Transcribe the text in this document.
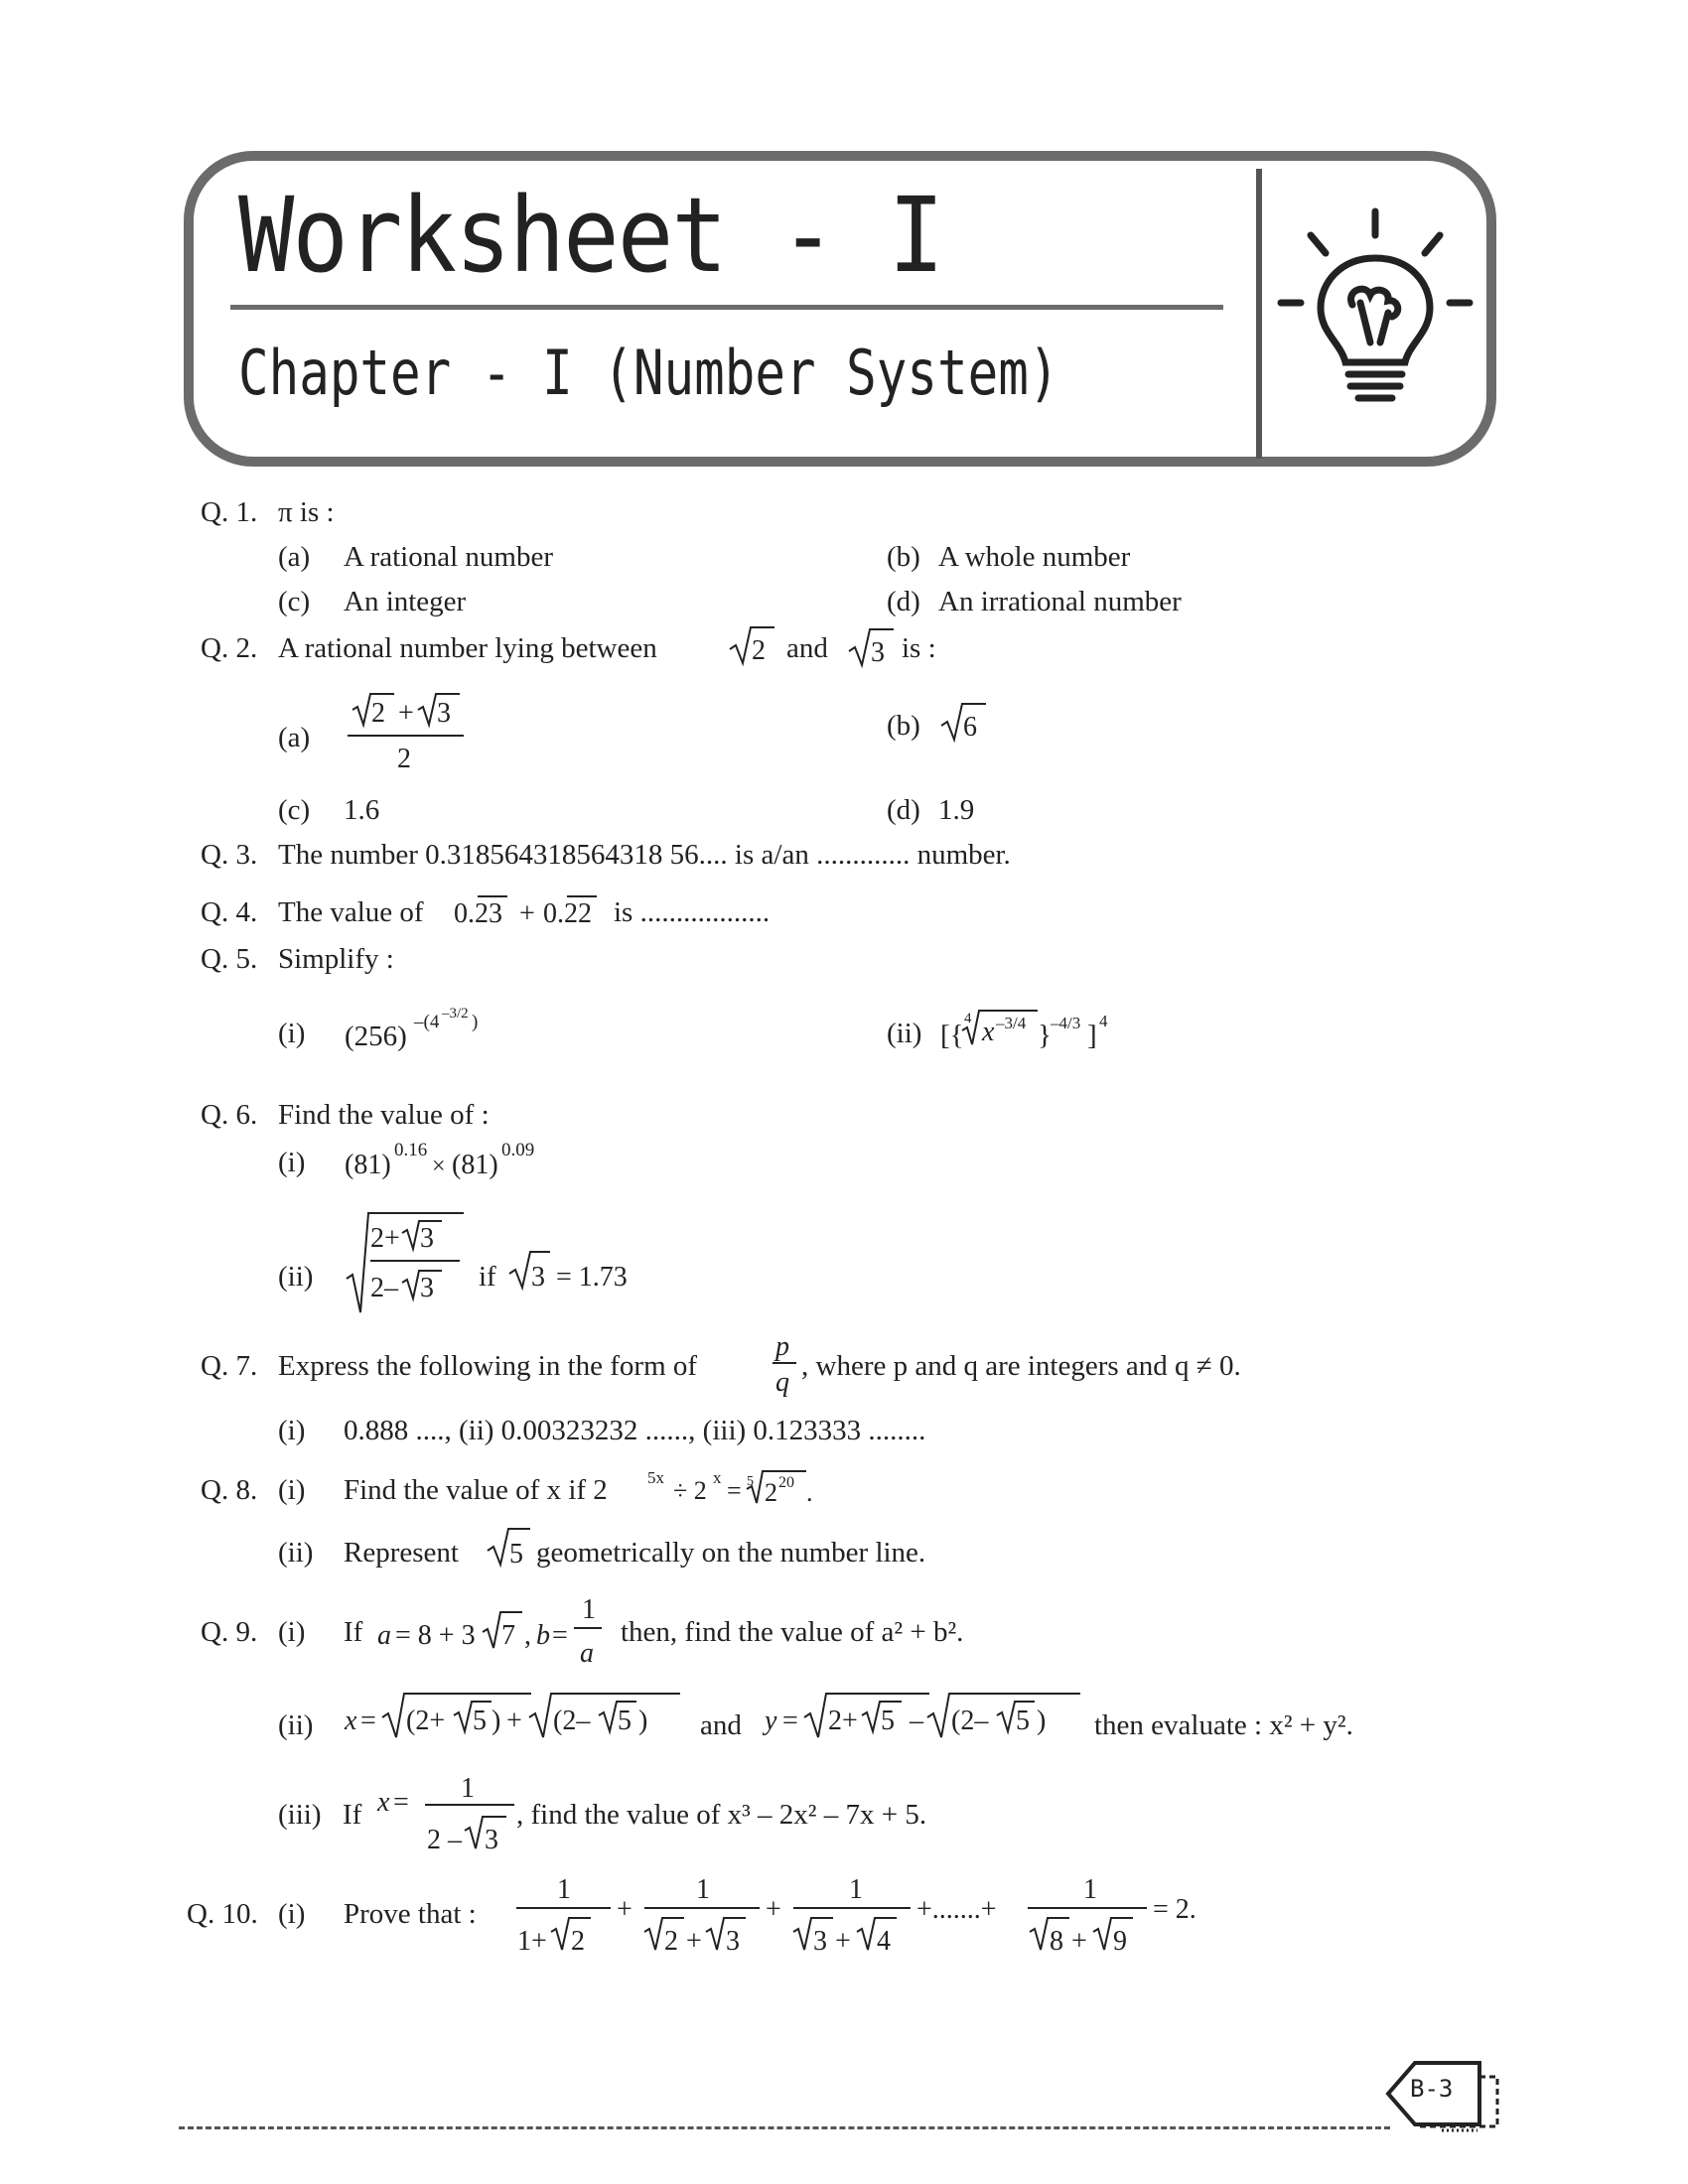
Worksheet - I
Chapter - I (Number System)
Q. 1. π is :
(a) A rational number	(b) A whole number
(c) An integer	(d) An irrational number
Q. 2. A rational number lying between	2 and 3 is :
(a)
2 + 3
2
(b) 6
(c) 1.6	(d) 1.9
Q. 3. The number 0.318564318564318 56.... is a/an ............. number.
Q. 4. The value of 0.23 + 0.22 is ..................
Q. 5. Simplify :
(i) (256) –(4 –3/2 )	(ii) [{
4 x –3/4 } –4/3 ] 4
Q. 6. Find the value of :
(i) (81) 0.16
× (81) 0.09
(ii)
2+ 3
2– 3 if 3 = 1.73
Q. 7. Express the following in the form of
p
q
, where p and q are integers and q ≠ 0.
(i) 0.888 ...., (ii) 0.00323232 ......, (iii) 0.123333 ........
Q. 8. (i) Find the value of x if 2 5x ÷ 2 x = 5 2 20 .
(ii) Represent 5 geometrically on the number line.
Q. 9. (i) If a = 8 + 3 7 , b =
1
a
then, find the value of a² + b².
(ii) x = (2+ 5 ) + (2– 5 ) and y = 2+ 5 – (2– 5 ) then evaluate : x² + y².
(iii) If x = 1
2 – 3
, find the value of x³ – 2x² – 7x + 5.
Q. 10. (i) Prove that :
1
1+ 2
+
1
2 + 3
+
1
3 + 4
+.......+
1
8 + 9
= 2.
B-3
